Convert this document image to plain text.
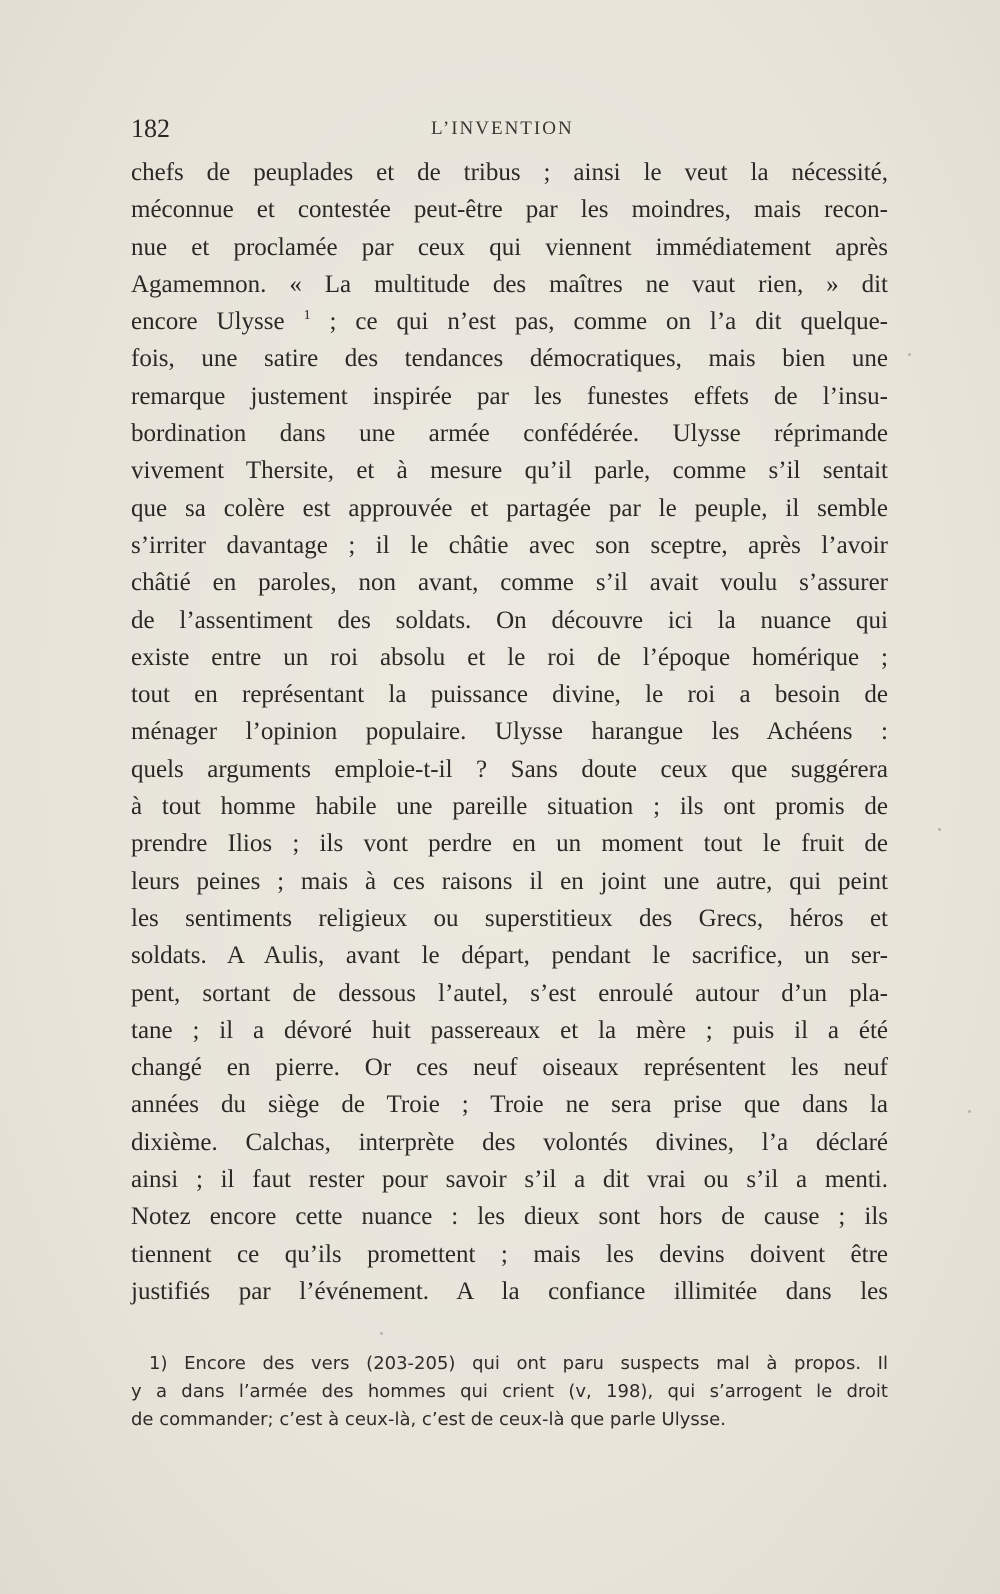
182	L’INVENTION
chefs de peuplades et de tribus ; ainsi le veut la nécessité,
méconnue et contestée peut-être par les moindres, mais recon-
nue et proclamée par ceux qui viennent immédiatement après
Agamemnon. « La multitude des maîtres ne vaut rien, » dit
encore Ulysse $^1$ ; ce qui n’est pas, comme on l’a dit quelque-
fois, une satire des tendances démocratiques, mais bien une
remarque justement inspirée par les funestes effets de l’insu-
bordination dans une armée confédérée. Ulysse réprimande
vivement Thersite, et à mesure qu’il parle, comme s’il sentait
que sa colère est approuvée et partagée par le peuple, il semble
s’irriter davantage ; il le châtie avec son sceptre, après l’avoir
châtié en paroles, non avant, comme s’il avait voulu s’assurer
de l’assentiment des soldats. On découvre ici la nuance qui
existe entre un roi absolu et le roi de l’époque homérique ;
tout en représentant la puissance divine, le roi a besoin de
ménager l’opinion populaire. Ulysse harangue les Achéens :
quels arguments emploie-t-il ? Sans doute ceux que suggérera
à tout homme habile une pareille situation ; ils ont promis de
prendre Ilios ; ils vont perdre en un moment tout le fruit de
leurs peines ; mais à ces raisons il en joint une autre, qui peint
les sentiments religieux ou superstitieux des Grecs, héros et
soldats. A Aulis, avant le départ, pendant le sacrifice, un ser-
pent, sortant de dessous l’autel, s’est enroulé autour d’un pla-
tane ; il a dévoré huit passereaux et la mère ; puis il a été
changé en pierre. Or ces neuf oiseaux représentent les neuf
années du siège de Troie ; Troie ne sera prise que dans la
dixième. Calchas, interprète des volontés divines, l’a déclaré
ainsi ; il faut rester pour savoir s’il a dit vrai ou s’il a menti.
Notez encore cette nuance : les dieux sont hors de cause ; ils
tiennent ce qu’ils promettent ; mais les devins doivent être
justifiés par l’événement. A la confiance illimitée dans les
1) Encore des vers (203-205) qui ont paru suspects mal à propos. Il
y a dans l’armée des hommes qui crient (v, 198), qui s’arrogent le droit
de commander; c’est à ceux-là, c’est de ceux-là que parle Ulysse.
